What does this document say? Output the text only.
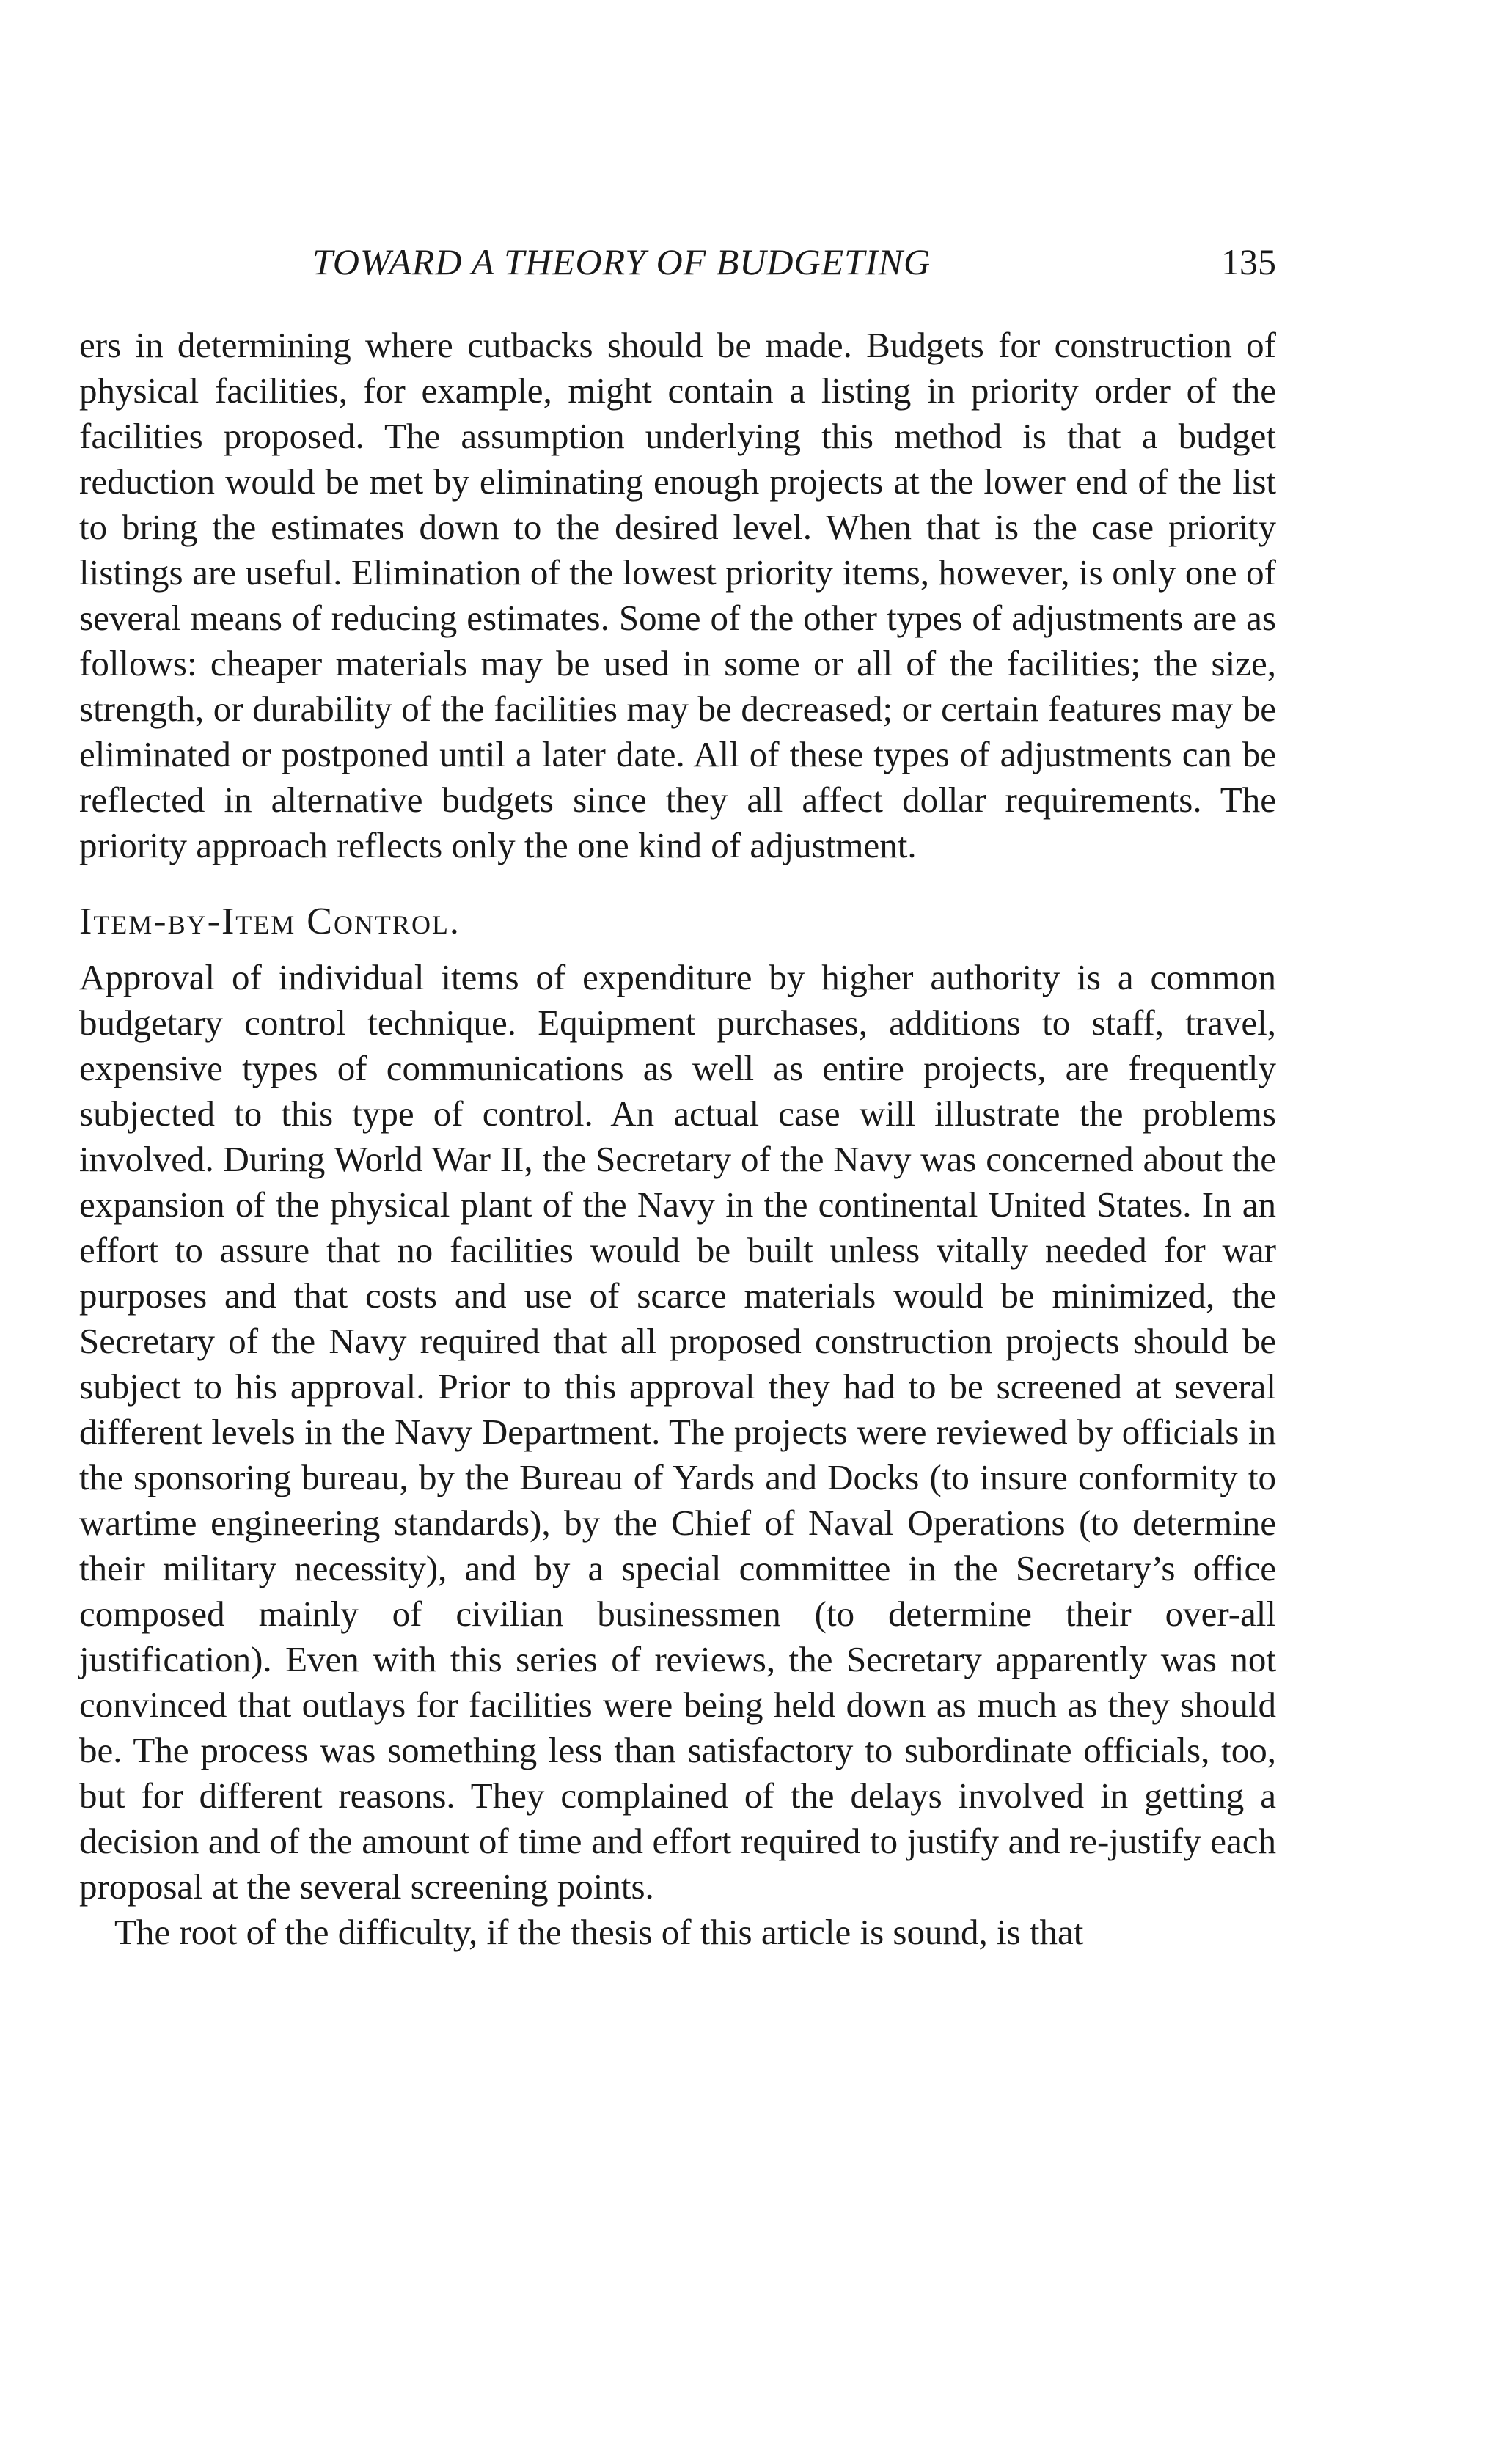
TOWARD A THEORY OF BUDGETING	135

ers in determining where cutbacks should be made. Budgets for construction of physical facilities, for example, might contain a listing in priority order of the facilities proposed. The assumption underlying this method is that a budget reduction would be met by eliminating enough projects at the lower end of the list to bring the estimates down to the desired level. When that is the case priority listings are useful. Elimination of the lowest priority items, however, is only one of several means of reducing estimates. Some of the other types of adjustments are as follows: cheaper materials may be used in some or all of the facilities; the size, strength, or durability of the facilities may be decreased; or certain features may be eliminated or postponed until a later date. All of these types of adjustments can be reflected in alternative budgets since they all affect dollar requirements. The priority approach reflects only the one kind of adjustment.

Item-by-Item Control.

Approval of individual items of expenditure by higher authority is a common budgetary control technique. Equipment purchases, additions to staff, travel, expensive types of communications as well as entire projects, are frequently subjected to this type of control. An actual case will illustrate the problems involved. During World War II, the Secretary of the Navy was concerned about the expansion of the physical plant of the Navy in the continental United States. In an effort to assure that no facilities would be built unless vitally needed for war purposes and that costs and use of scarce materials would be minimized, the Secretary of the Navy required that all proposed construction projects should be subject to his approval. Prior to this approval they had to be screened at several different levels in the Navy Department. The projects were reviewed by officials in the sponsoring bureau, by the Bureau of Yards and Docks (to insure conformity to wartime engineering standards), by the Chief of Naval Operations (to determine their military necessity), and by a special committee in the Secretary’s office composed mainly of civilian businessmen (to determine their over-all justification). Even with this series of reviews, the Secretary apparently was not convinced that outlays for facilities were being held down as much as they should be. The process was something less than satisfactory to subordinate officials, too, but for different reasons. They complained of the delays involved in getting a decision and of the amount of time and effort required to justify and re-justify each proposal at the several screening points.

The root of the difficulty, if the thesis of this article is sound, is that
